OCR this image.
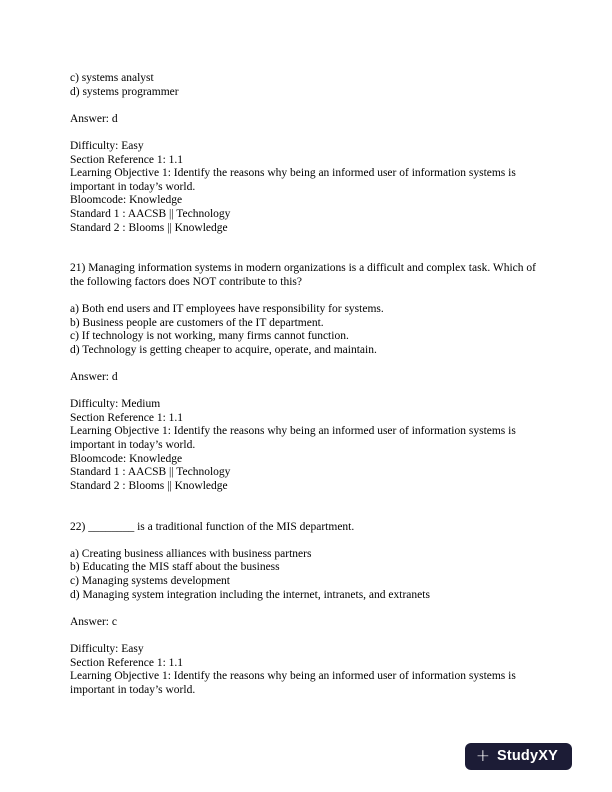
c) systems analyst
d) systems programmer
Answer: d
Difficulty: Easy
Section Reference 1: 1.1
Learning Objective 1: Identify the reasons why being an informed user of information systems is important in today’s world.
Bloomcode: Knowledge
Standard 1 : AACSB || Technology
Standard 2 : Blooms || Knowledge
21) Managing information systems in modern organizations is a difficult and complex task. Which of the following factors does NOT contribute to this?
a) Both end users and IT employees have responsibility for systems.
b) Business people are customers of the IT department.
c) If technology is not working, many firms cannot function.
d) Technology is getting cheaper to acquire, operate, and maintain.
Answer: d
Difficulty: Medium
Section Reference 1: 1.1
Learning Objective 1: Identify the reasons why being an informed user of information systems is important in today’s world.
Bloomcode: Knowledge
Standard 1 : AACSB || Technology
Standard 2 : Blooms || Knowledge
22) ________ is a traditional function of the MIS department.
a) Creating business alliances with business partners
b) Educating the MIS staff about the business
c) Managing systems development
d) Managing system integration including the internet, intranets, and extranets
Answer: c
Difficulty: Easy
Section Reference 1: 1.1
Learning Objective 1: Identify the reasons why being an informed user of information systems is important in today’s world.
+ StudyXY
